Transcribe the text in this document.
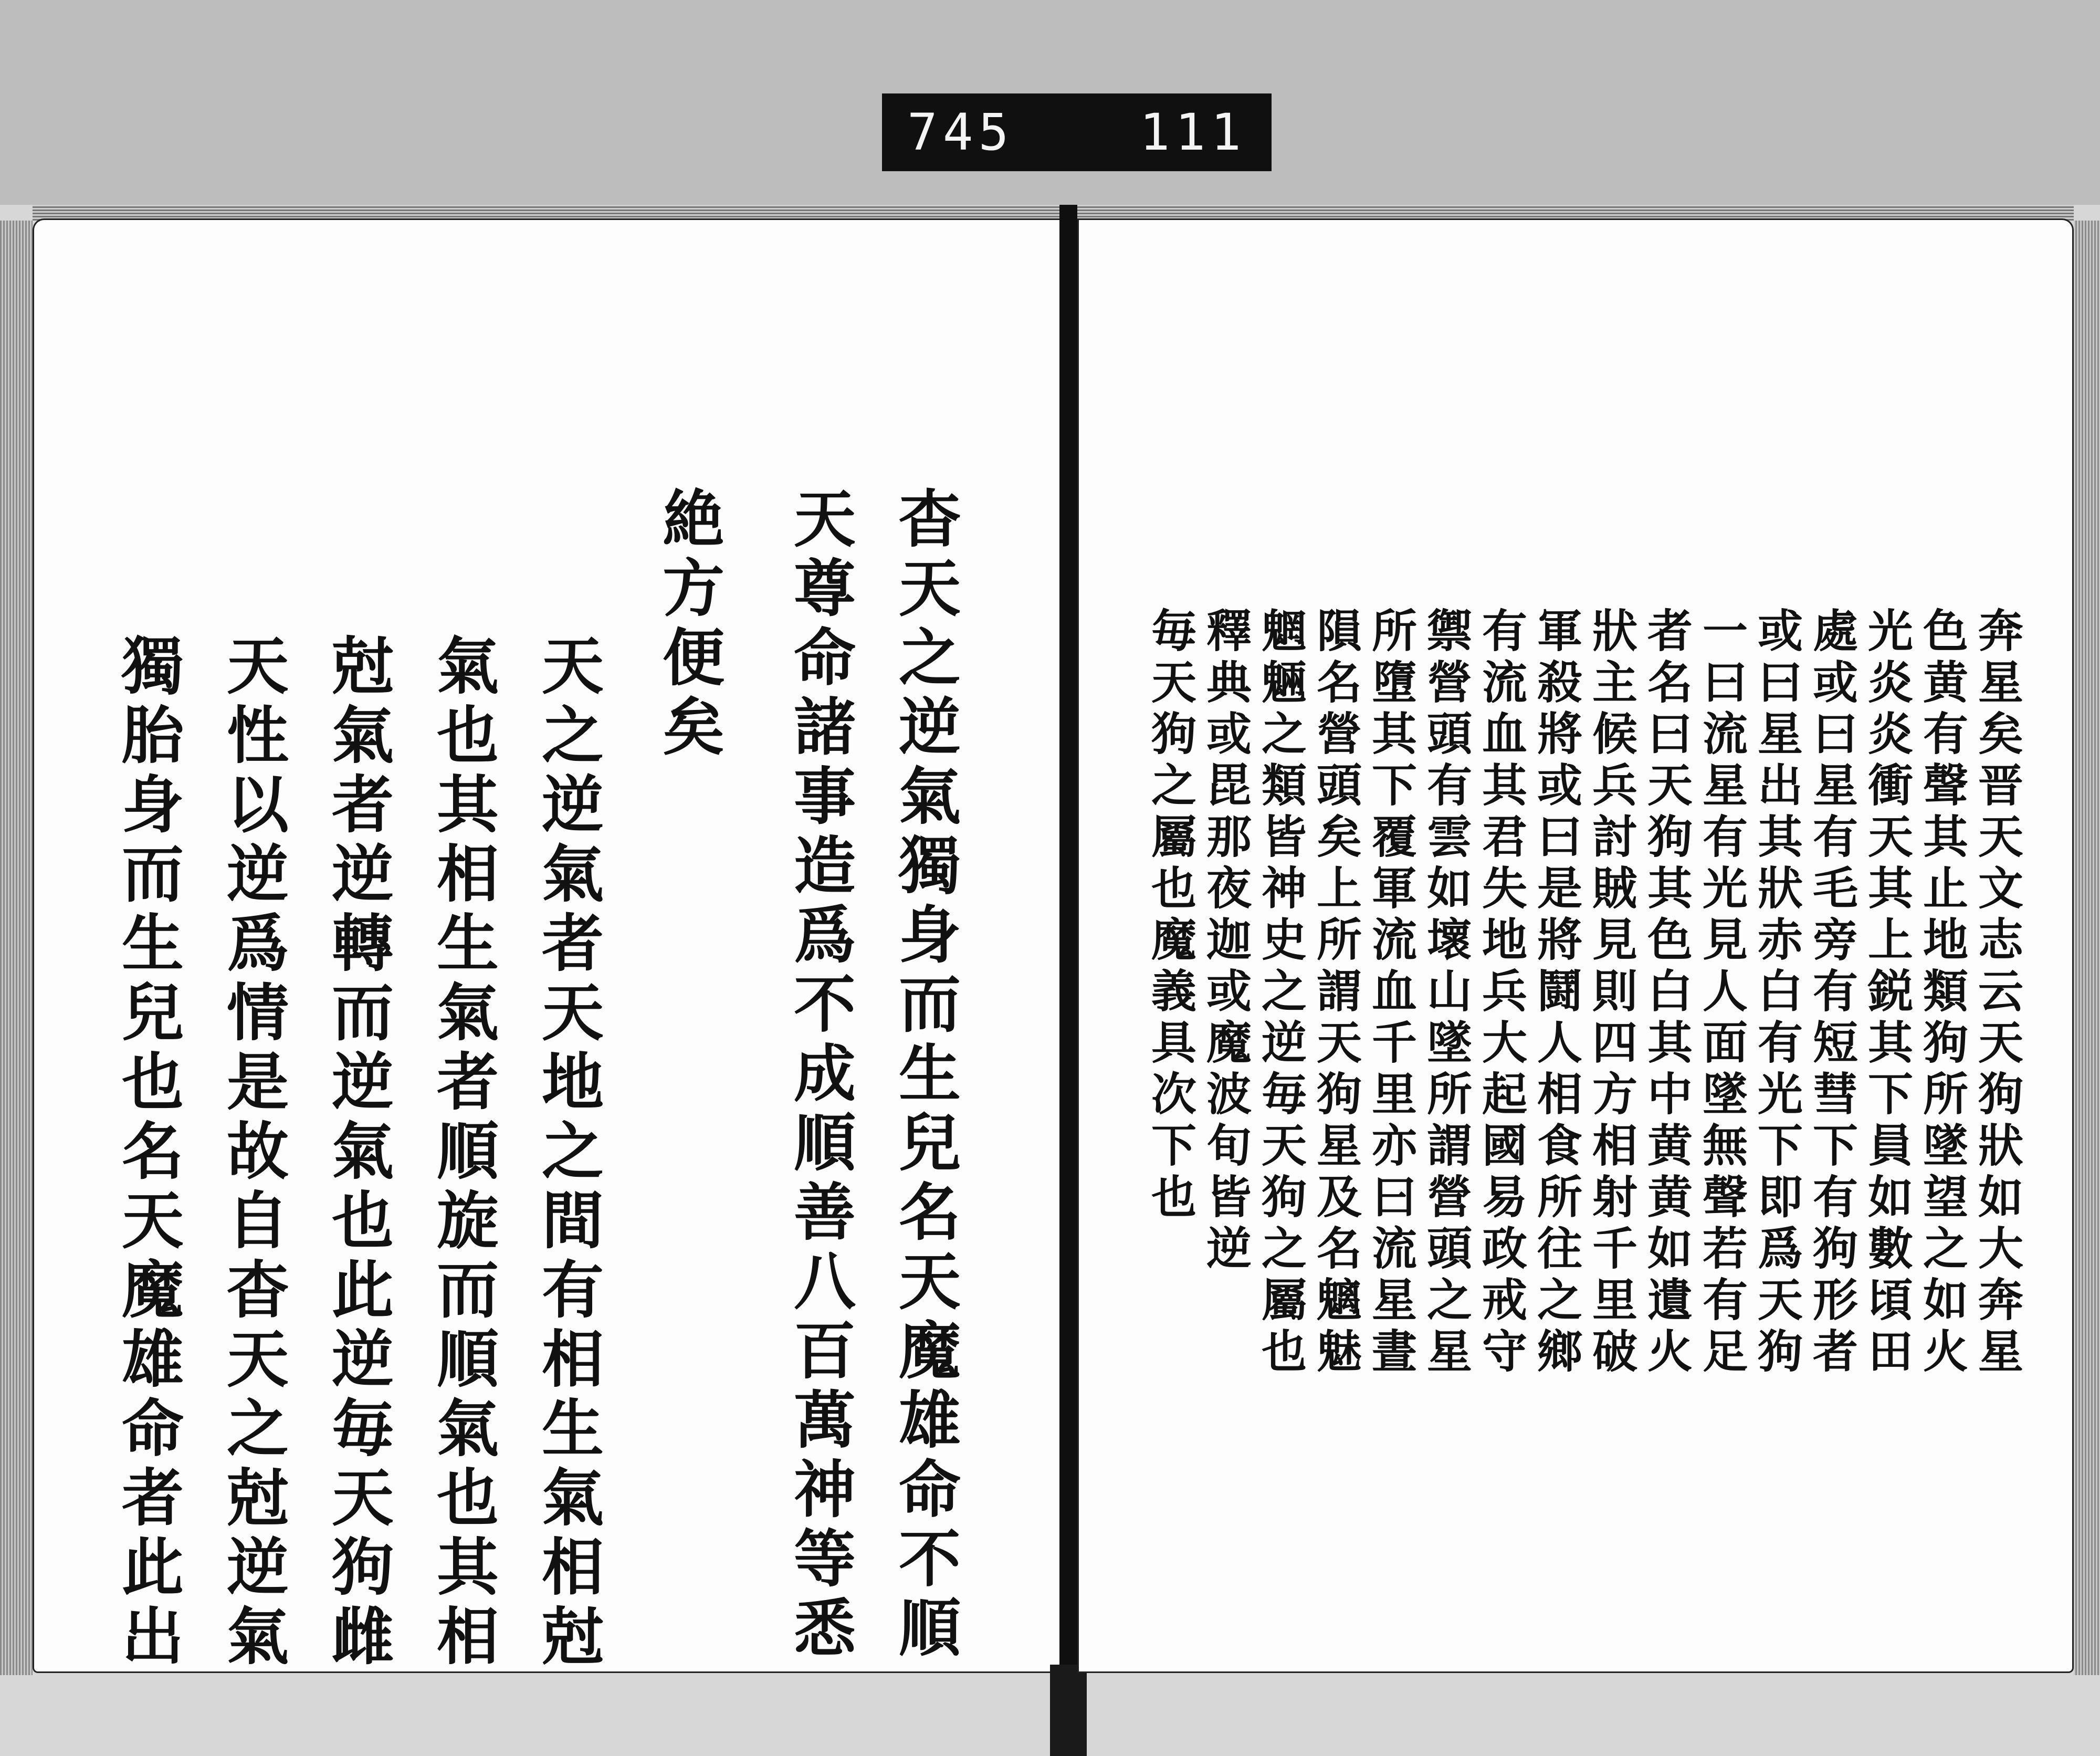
745 111
杳天之逆氣獨身而生兒名天魔雄命不順
天尊命諸事造爲不成順善八百萬神等悉
絶方便矣
天之逆氣者天地之間有相生氣相尅
氣也其相生氣者順旋而順氣也其相
尅氣者逆轉而逆氣也此逆毎天狗雌
天性以逆爲情是故自杳天之尅逆氣
獨胎身而生兒也名天魔雄命者此出	奔星矣晋天文志云天狗狀如大奔星
色黄有聲其止地類狗所墜望之如火
光炎炎衝天其上鋭其下員如數頃田
處或曰星有毛旁有短彗下有狗形者
或曰星出其狀赤白有光下即爲天狗
一曰流星有光見人面墜無聲若有足
者名曰天狗其色白其中黄黄如遺火
狀主候兵討賊見則四方相射千里破
軍殺將或曰是將鬪人相食所往之鄉
有流血其君失地兵大起國易政戒守
禦營頭有雲如壞山墜所謂營頭之星
所墮其下覆軍流血千里亦曰流星晝
隕名營頭矣上所謂天狗星及名魑魅
魍魎之類皆神史之逆毎天狗之屬也
釋典或毘那夜迦或魔波旬皆逆
毎天狗之屬也魔義具次下也
